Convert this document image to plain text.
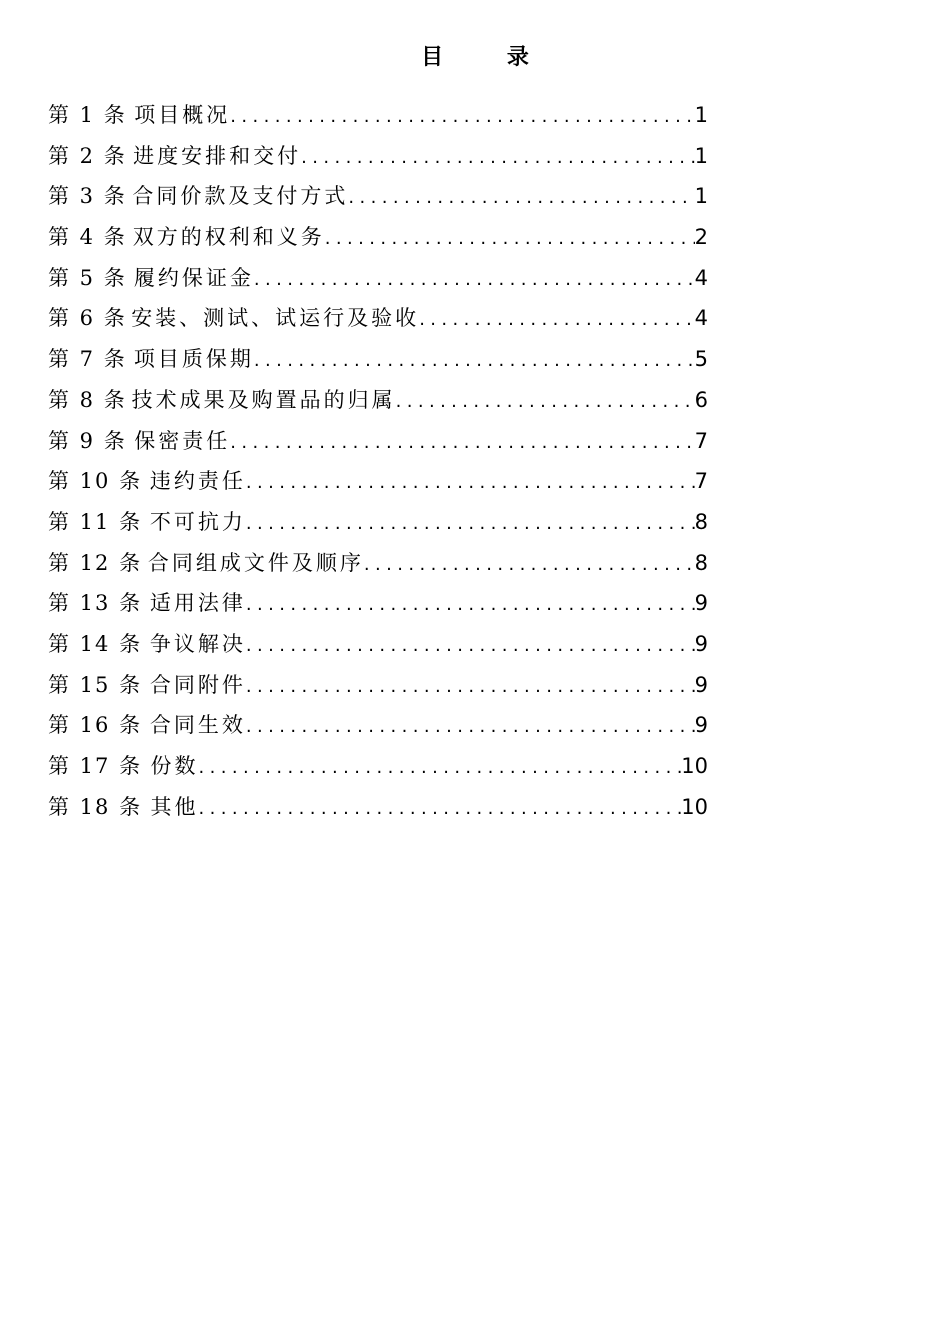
目 录
第 1 条 项目概况 .....	1
第 2 条 进度安排和交付 .....	1
第 3 条 合同价款及支付方式 .....	1
第 4 条 双方的权利和义务 .....	2
第 5 条 履约保证金 .....	4
第 6 条 安装、测试、试运行及验收 .....	4
第 7 条 项目质保期 .....	5
第 8 条 技术成果及购置品的归属 .....	6
第 9 条 保密责任 .....	7
第 10 条 违约责任 .....	7
第 11 条 不可抗力 .....	8
第 12 条 合同组成文件及顺序 .....	8
第 13 条 适用法律 .....	9
第 14 条 争议解决 .....	9
第 15 条 合同附件 .....	9
第 16 条 合同生效 .....	9
第 17 条 份数 .....	10
第 18 条 其他 .....	10
